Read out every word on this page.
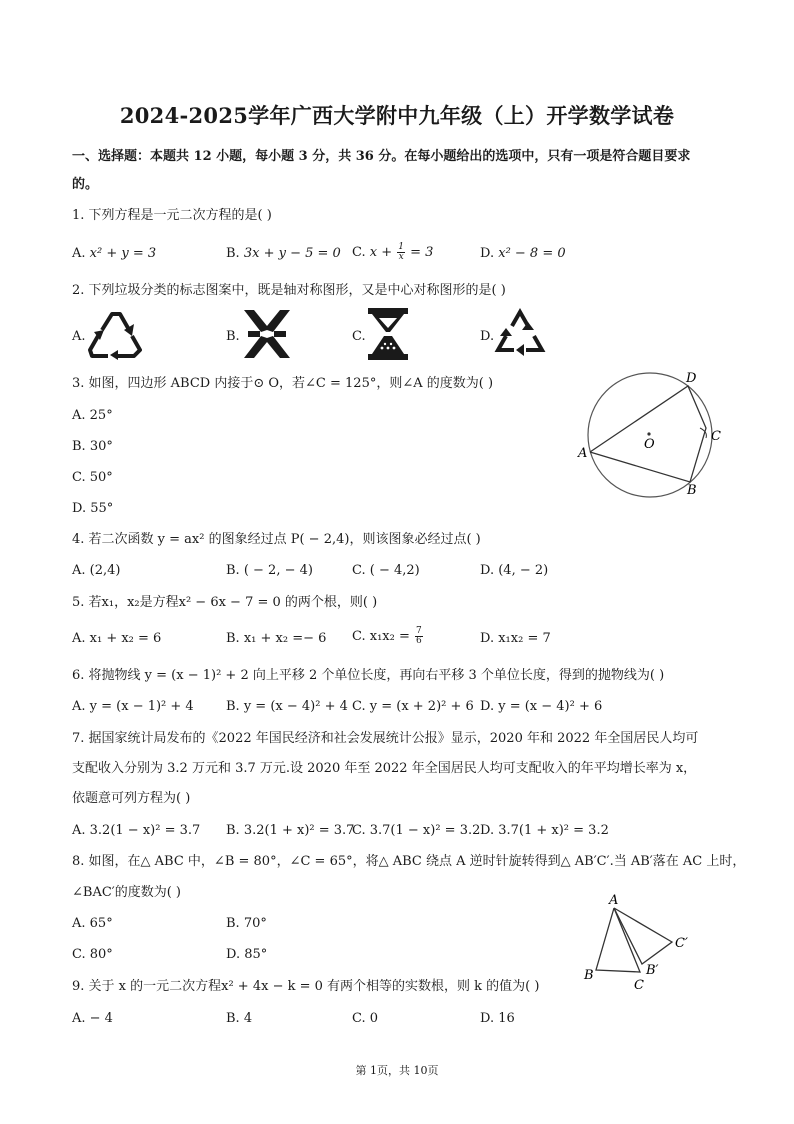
2024-2025学年广西大学附中九年级（上）开学数学试卷
一、选择题：本题共 12 小题，每小题 3 分，共 36 分。在每小题给出的选项中，只有一项是符合题目要求
的。
1. 下列方程是一元二次方程的是( )
A. x² + y = 3	B. 3x + y − 5 = 0 C. $x + \frac{1}{x} = 3$	D. x² − 8 = 0
2. 下列垃圾分类的标志图案中，既是轴对称图形，又是中心对称图形的是( )
A.	B.	C.	D.
3. 如图，四边形 ABCD 内接于⊙ O，若∠C = 125°，则∠A 的度数为( )
A. 25°
B. 30°
C. 50°
D. 55°
A
D
C
B
O
4. 若二次函数 y = ax² 的图象经过点 P( − 2,4)，则该图象必经过点( )
A. (2,4)	B. ( − 2, − 4)	C. ( − 4,2)	D. (4, − 2)
5. 若x₁，x₂是方程x² − 6x − 7 = 0 的两个根，则( )
A. x₁ + x₂ = 6	B. x₁ + x₂ =− 6 C. $x_1x_2 = \frac{7}{6}$	D. x₁x₂ = 7
6. 将抛物线 y = (x − 1)² + 2 向上平移 2 个单位长度，再向右平移 3 个单位长度，得到的抛物线为( )
A. y = (x − 1)² + 4 B. y = (x − 4)² + 4 C. y = (x + 2)² + 6 D. y = (x − 4)² + 6
7. 据国家统计局发布的《2022 年国民经济和社会发展统计公报》显示，2020 年和 2022 年全国居民人均可
支配收入分别为 3.2 万元和 3.7 万元.设 2020 年至 2022 年全国居民人均可支配收入的年平均增长率为 x，
依题意可列方程为( )
A. 3.2(1 − x)² = 3.7 B. 3.2(1 + x)² = 3.7
C. 3.7(1 − x)² = 3.2 D. 3.7(1 + x)² = 3.2
8. 如图，在△ ABC 中，∠B = 80°，∠C = 65°，将△ ABC 绕点 A 逆时针旋转得到△ AB′C′.当 AB′落在 AC 上时，
∠BAC′的度数为( )
A. 65°	B. 70°
C. 80°	D. 85°
A
B
C
B′
C′
9. 关于 x 的一元二次方程x² + 4x − k = 0 有两个相等的实数根，则 k 的值为( )
A. − 4	B. 4	C. 0	D. 16
第 1页，共 10页
